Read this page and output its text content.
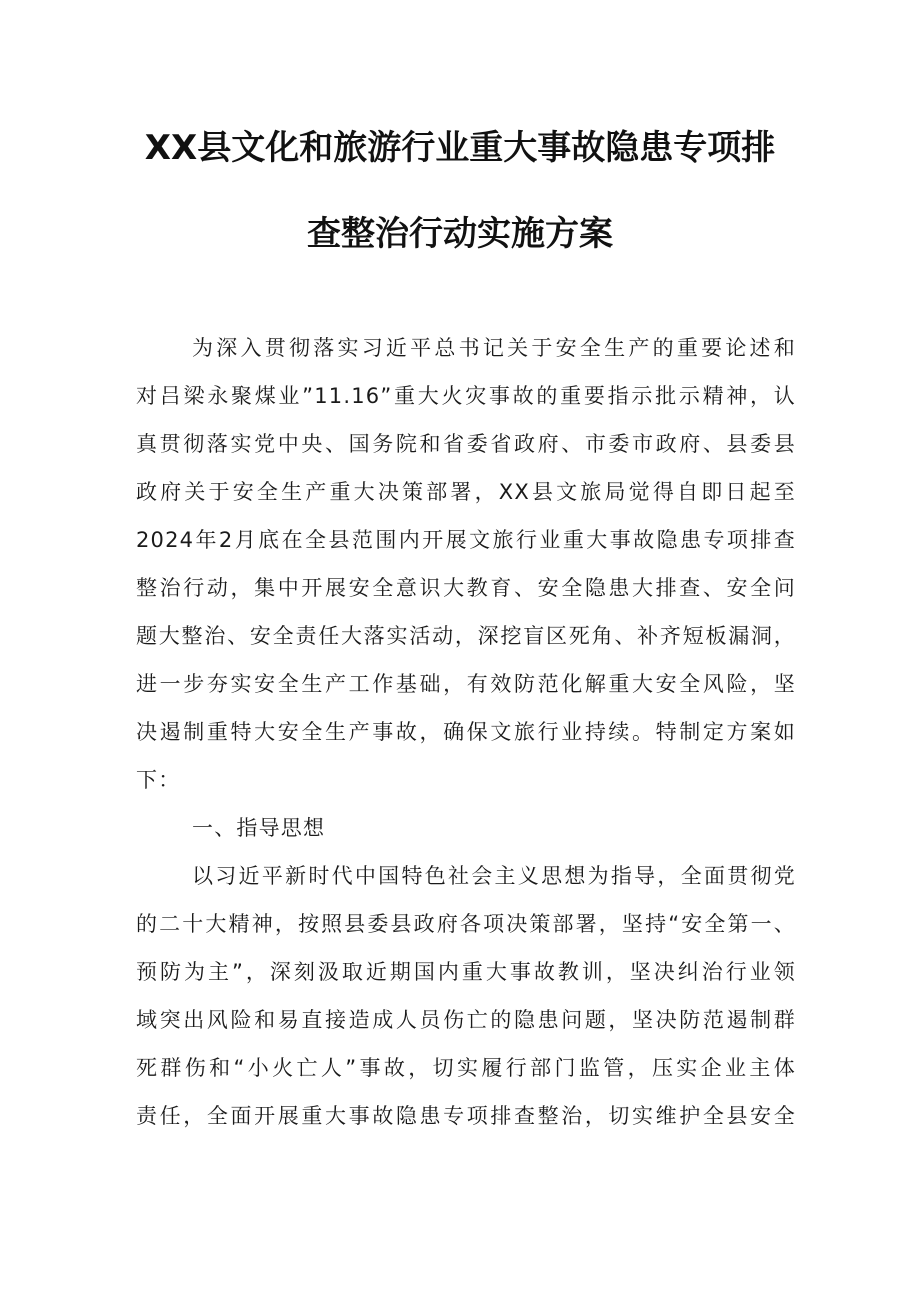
XX县文化和旅游行业重大事故隐患专项排
查整治行动实施方案
为深入贯彻落实习近平总书记关于安全生产的重要论述和
对吕梁永聚煤业”11.16”重大火灾事故的重要指示批示精神，认
真贯彻落实党中央、国务院和省委省政府、市委市政府、县委县
政府关于安全生产重大决策部署，XX县文旅局觉得自即日起至
2024年2月底在全县范围内开展文旅行业重大事故隐患专项排查
整治行动，集中开展安全意识大教育、安全隐患大排查、安全问
题大整治、安全责任大落实活动，深挖盲区死角、补齐短板漏洞，
进一步夯实安全生产工作基础，有效防范化解重大安全风险，坚
决遏制重特大安全生产事故，确保文旅行业持续。特制定方案如
下：
一、指导思想
以习近平新时代中国特色社会主义思想为指导，全面贯彻党
的二十大精神，按照县委县政府各项决策部署，坚持“安全第一、
预防为主”，深刻汲取近期国内重大事故教训，坚决纠治行业领
域突出风险和易直接造成人员伤亡的隐患问题，坚决防范遏制群
死群伤和“小火亡人”事故，切实履行部门监管，压实企业主体
责任，全面开展重大事故隐患专项排查整治，切实维护全县安全
